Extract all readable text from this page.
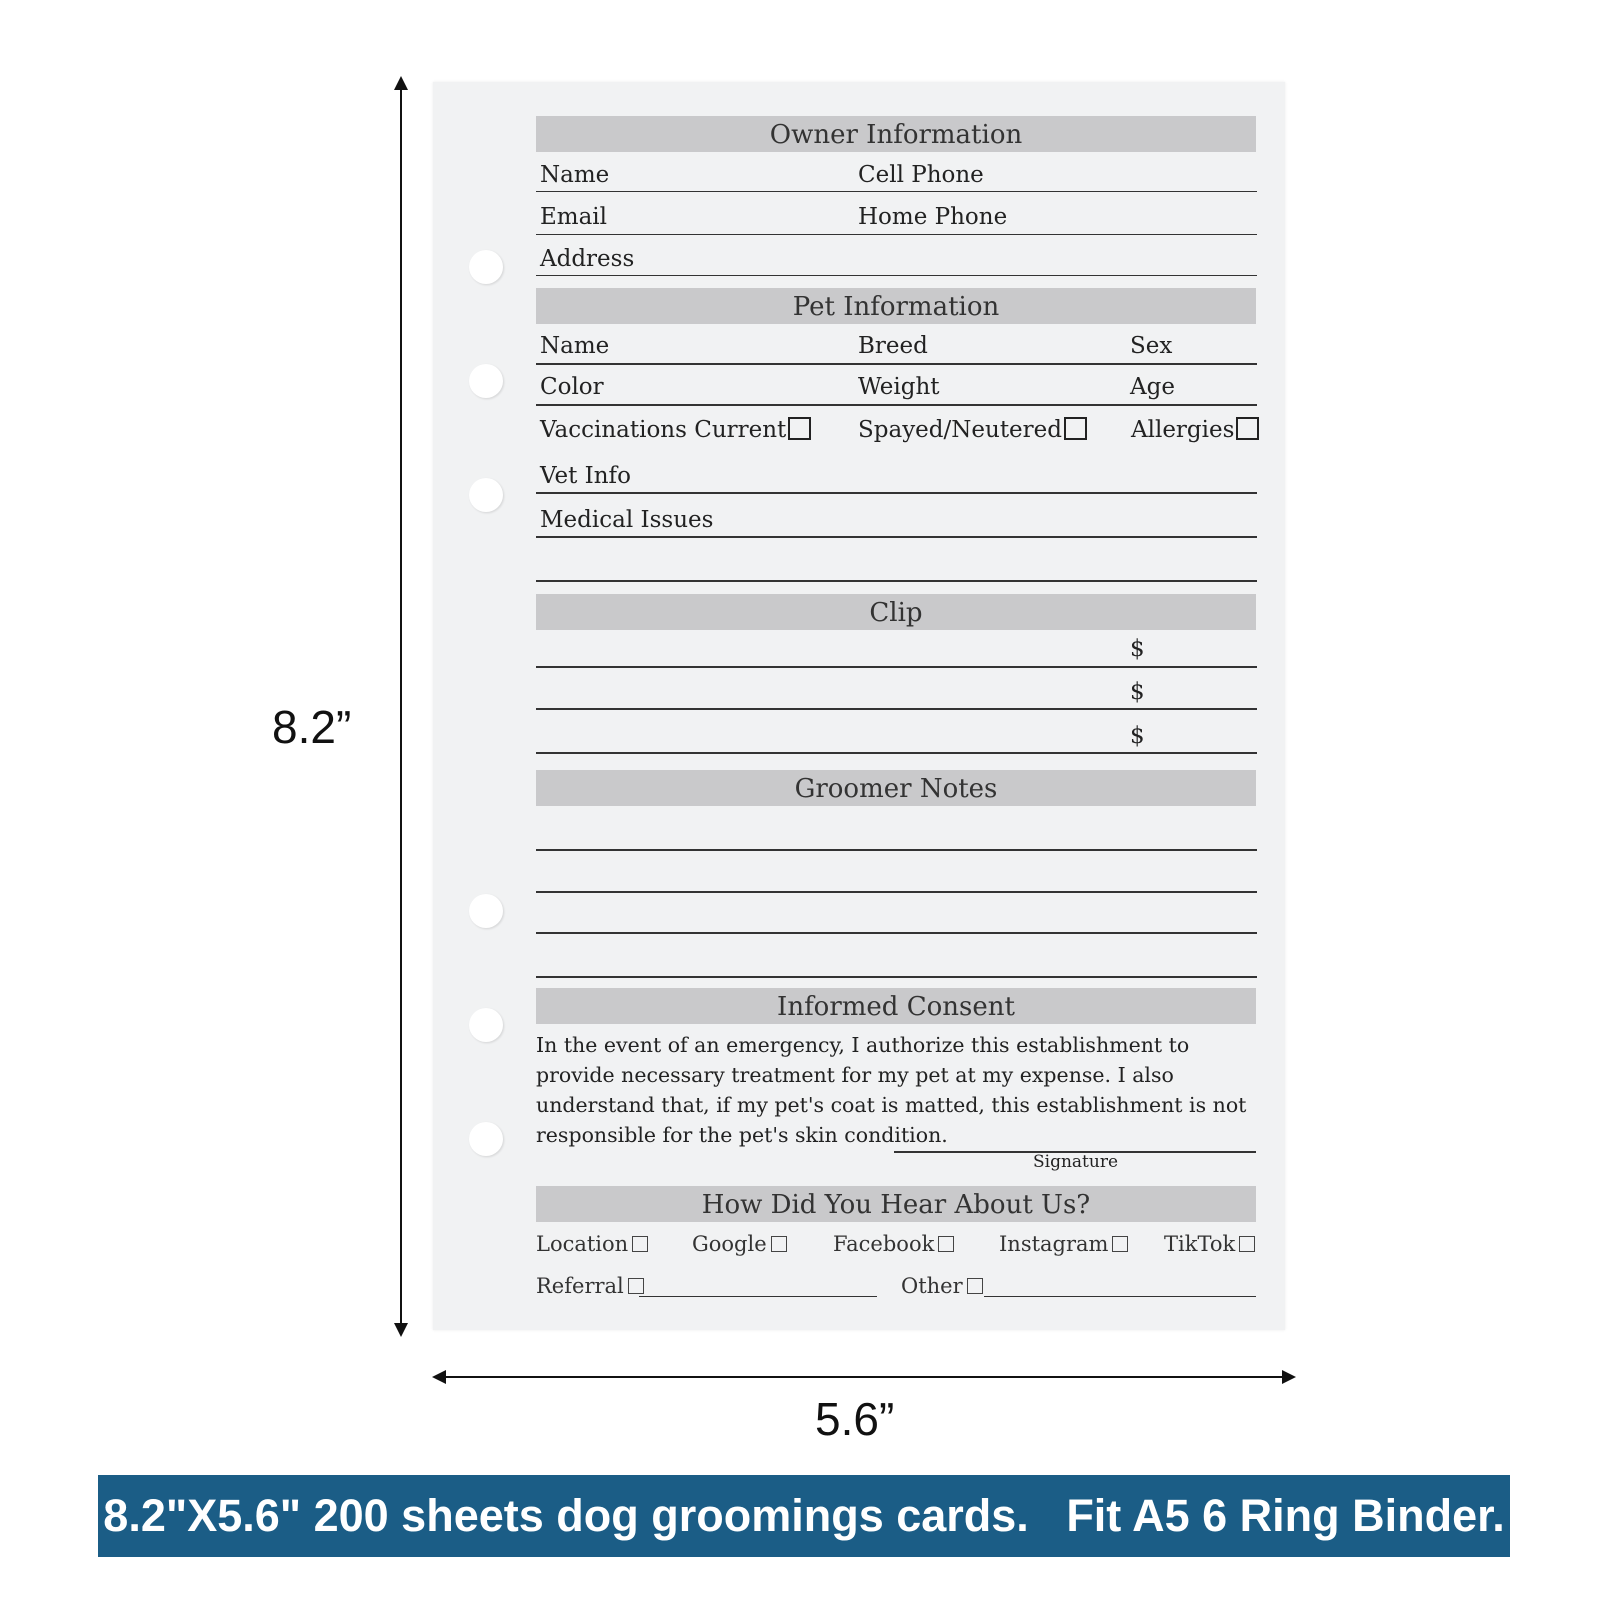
8.2”
5.6”
Owner Information
Name	Cell Phone
Email	Home Phone
Address
Pet Information
Name	Breed	Sex
Color	Weight	Age
Vaccinations Current	Spayed/Neutered	Allergies
Vet Info
Medical Issues
Clip
$
$
$
Groomer Notes
Informed Consent
In the event of an emergency, I authorize this establishment to provide necessary treatment for my pet at my expense. I also understand that, if my pet's coat is matted, this establishment is not responsible for the pet's skin condition.
Signature
How Did You Hear About Us?
Location	Google	Facebook	Instagram	TikTok
Referral	Other
8.2"X5.6" 200 sheets dog groomings cards.   Fit A5 6 Ring Binder.
